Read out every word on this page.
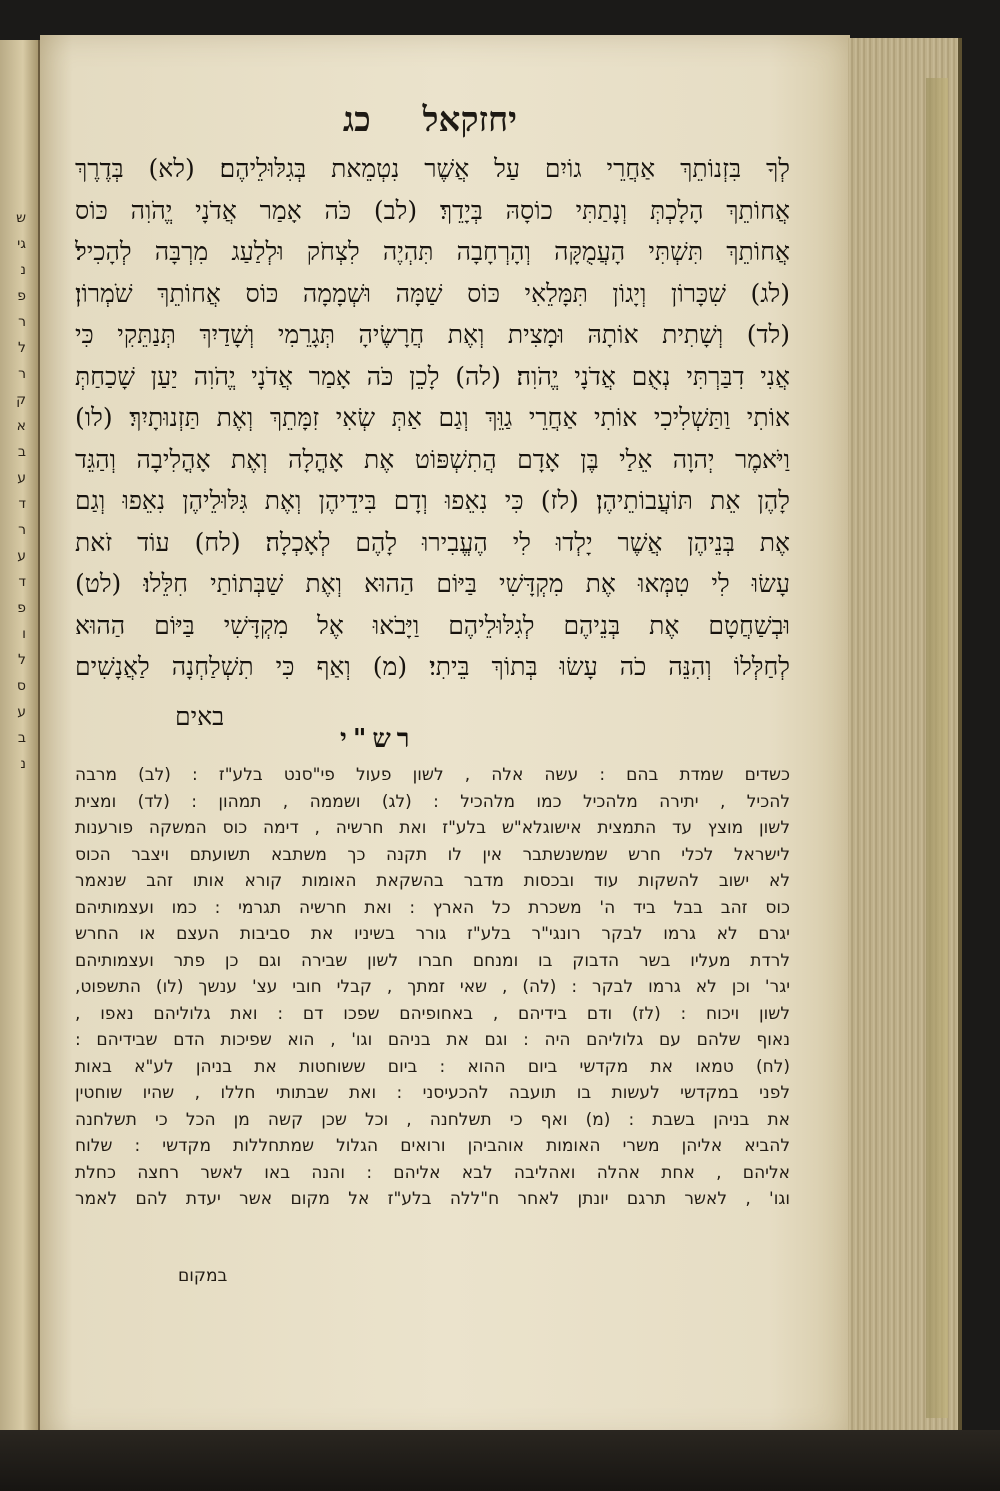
ש
גי
נ
פ
ר
ל
ר
ק
א
ב
ע
ד
ר
ע
ד
פ
ו
ל
ס
ע
ב
נ
יחזקאל כג
לְךָ בִּזְנוֹתֵךְ אַחֲרֵי גוֹיִם עַל אֲשֶׁר נִטְמֵאת בְּגִלּוּלֵיהֶם׃ (לא) בְּדֶרֶךְ
אֲחוֹתֵךְ הָלָכְתְּ וְנָתַתִּי כוֹסָהּ בְּיָדֵךְ׃ (לב) כֹּה אָמַר אֲדֹנָי יֱהֹוִה כּוֹס
אֲחוֹתֵךְ תִּשְׁתִּי הָעֲמֻקָּה וְהָרְחָבָה תִּהְיֶה לִצְחֹק וּלְלַעַג מִרְבָּה לְהָכִיל׃
(לג) שִׁכָּרוֹן וְיָגוֹן תִּמָּלֵאִי כּוֹס שַׁמָּה וּשְׁמָמָה כּוֹס אֲחוֹתֵךְ שֹׁמְרוֹן׃
(לד) וְשָׁתִית אוֹתָהּ וּמָצִית וְאֶת חֲרָשֶׂיהָ תְּגָרֵמִי וְשָׁדַיִךְ תְּנַתֵּקִי כִּי
אֲנִי דִבַּרְתִּי נְאֻם אֲדֹנָי יֱהֹוִה׃ (לה) לָכֵן כֹּה אָמַר אֲדֹנָי יֱהֹוִה יַעַן שָׁכַחַתְּ
אוֹתִי וַתַּשְׁלִיכִי אוֹתִי אַחֲרֵי גַוֵּךְ וְגַם אַתְּ שְׂאִי זִמָּתֵךְ וְאֶת תַּזְנוּתָיִךְ׃ (לו)
וַיֹּאמֶר יְהוָה אֵלַי בֶּן אָדָם הֲתִשְׁפּוֹט אֶת אָהֳלָה וְאֶת אָהֳלִיבָה וְהַגֵּד
לָהֶן אֵת תּוֹעֲבוֹתֵיהֶן׃ (לז) כִּי נִאֵפוּ וְדָם בִּידֵיהֶן וְאֶת גִּלּוּלֵיהֶן נִאֵפוּ וְגַם
אֶת בְּנֵיהֶן אֲשֶׁר יָלְדוּ לִי הֶעֱבִירוּ לָהֶם לְאָכְלָה׃ (לח) עוֹד זֹאת
עָשׂוּ לִי טִמְּאוּ אֶת מִקְדָּשִׁי בַּיּוֹם הַהוּא וְאֶת שַׁבְּתוֹתַי חִלֵּלוּ׃ (לט)
וּבְשַׁחֲטָם אֶת בְּנֵיהֶם לְגִלּוּלֵיהֶם וַיָּבֹאוּ אֶל מִקְדָּשִׁי בַּיּוֹם הַהוּא
לְחַלְּלוֹ וְהִנֵּה כֹה עָשׂוּ בְּתוֹךְ בֵּיתִי׃ (מ) וְאַף כִּי תִשְׁלַחְנָה לַאֲנָשִׁים
באים
רש"י
כשדים שמדת בהם : עשה אלה , לשון פעול פי"סנט בלע"ז : (לב) מרבה
להכיל , יתירה מלהכיל כמו מלהכיל : (לג) ושממה , תמהון : (לד) ומצית
לשון מוצץ עד התמצית אישוגלא"ש בלע"ז ואת חרשיה , דימה כוס המשקה פורענות
לישראל לכלי חרש שמשנשתבר אין לו תקנה כך משתבא תשועתם ויצבר הכוס
לא ישוב להשקות עוד ובכסות מדבר בהשקאת האומות קורא אותו זהב שנאמר
כוס זהב בבל ביד ה' משכרת כל הארץ : ואת חרשיה תגרמי : כמו ועצמותיהם
יגרם לא גרמו לבקר רונגי"ר בלע"ז גורר בשיניו את סביבות העצם או החרש
לרדת מעליו בשר הדבוק בו ומנחם חברו לשון שבירה וגם כן פתר ועצמותיהם
יגר' וכן לא גרמו לבקר : (לה) , שאי זמתך , קבלי חובי עצ' ענשך (לו) התשפוט,
לשון ויכוח : (לז) ודם בידיהם , באחופיהם שפכו דם : ואת גלוליהם נאפו ,
נאוף שלהם עם גלוליהם היה : וגם את בניהם וגו' , הוא שפיכות הדם שבידיהם :
(לח) טמאו את מקדשי ביום ההוא : ביום ששוחטות את בניהן לע"א באות
לפני במקדשי לעשות בו תועבה להכעיסני : ואת שבתותי חללו , שהיו שוחטין
את בניהן בשבת : (מ) ואף כי תשלחנה , וכל שכן קשה מן הכל כי תשלחנה
להביא אליהן משרי האומות אוהביהן ורואים הגלול שמתחללות מקדשי : שלוח
אליהם , אחת אהלה ואהליבה לבא אליהם : והנה באו לאשר רחצה כחלת
וגו' , לאשר תרגם יונתן לאחר ח"ללה בלע"ז אל מקום אשר יעדת להם לאמר
במקום
